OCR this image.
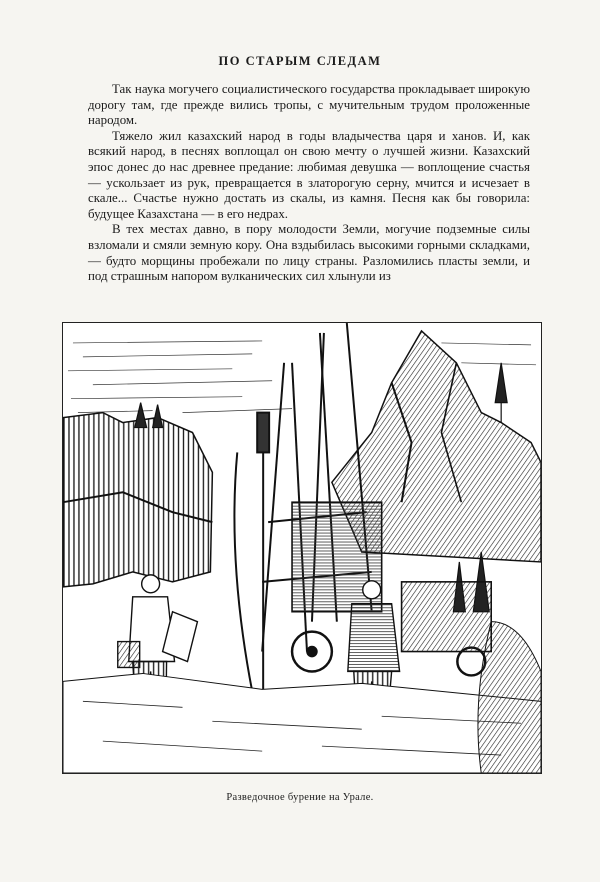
ПО СТАРЫМ СЛЕДАМ

Так наука могучего социалистического государства прокладывает широкую дорогу там, где прежде вились тропы, с мучительным трудом проложенные народом.

Тяжело жил казахский народ в годы владычества царя и ханов. И, как всякий народ, в песнях воплощал он свою мечту о лучшей жизни. Казахский эпос донес до нас древнее предание: любимая девушка — воплощение счастья — ускользает из рук, превращается в златорогую серну, мчится и исчезает в скале... Счастье нужно достать из скалы, из камня. Песня как бы говорила: будущее Казахстана — в его недрах.

В тех местах давно, в пору молодости Земли, могучие подземные силы взломали и смяли земную кору. Она вздыбилась высокими горными складками,— будто морщины пробежали по лицу страны. Разломились пласты земли, и под страшным напором вулканических сил хлынули из

Разведочное бурение на Урале.
